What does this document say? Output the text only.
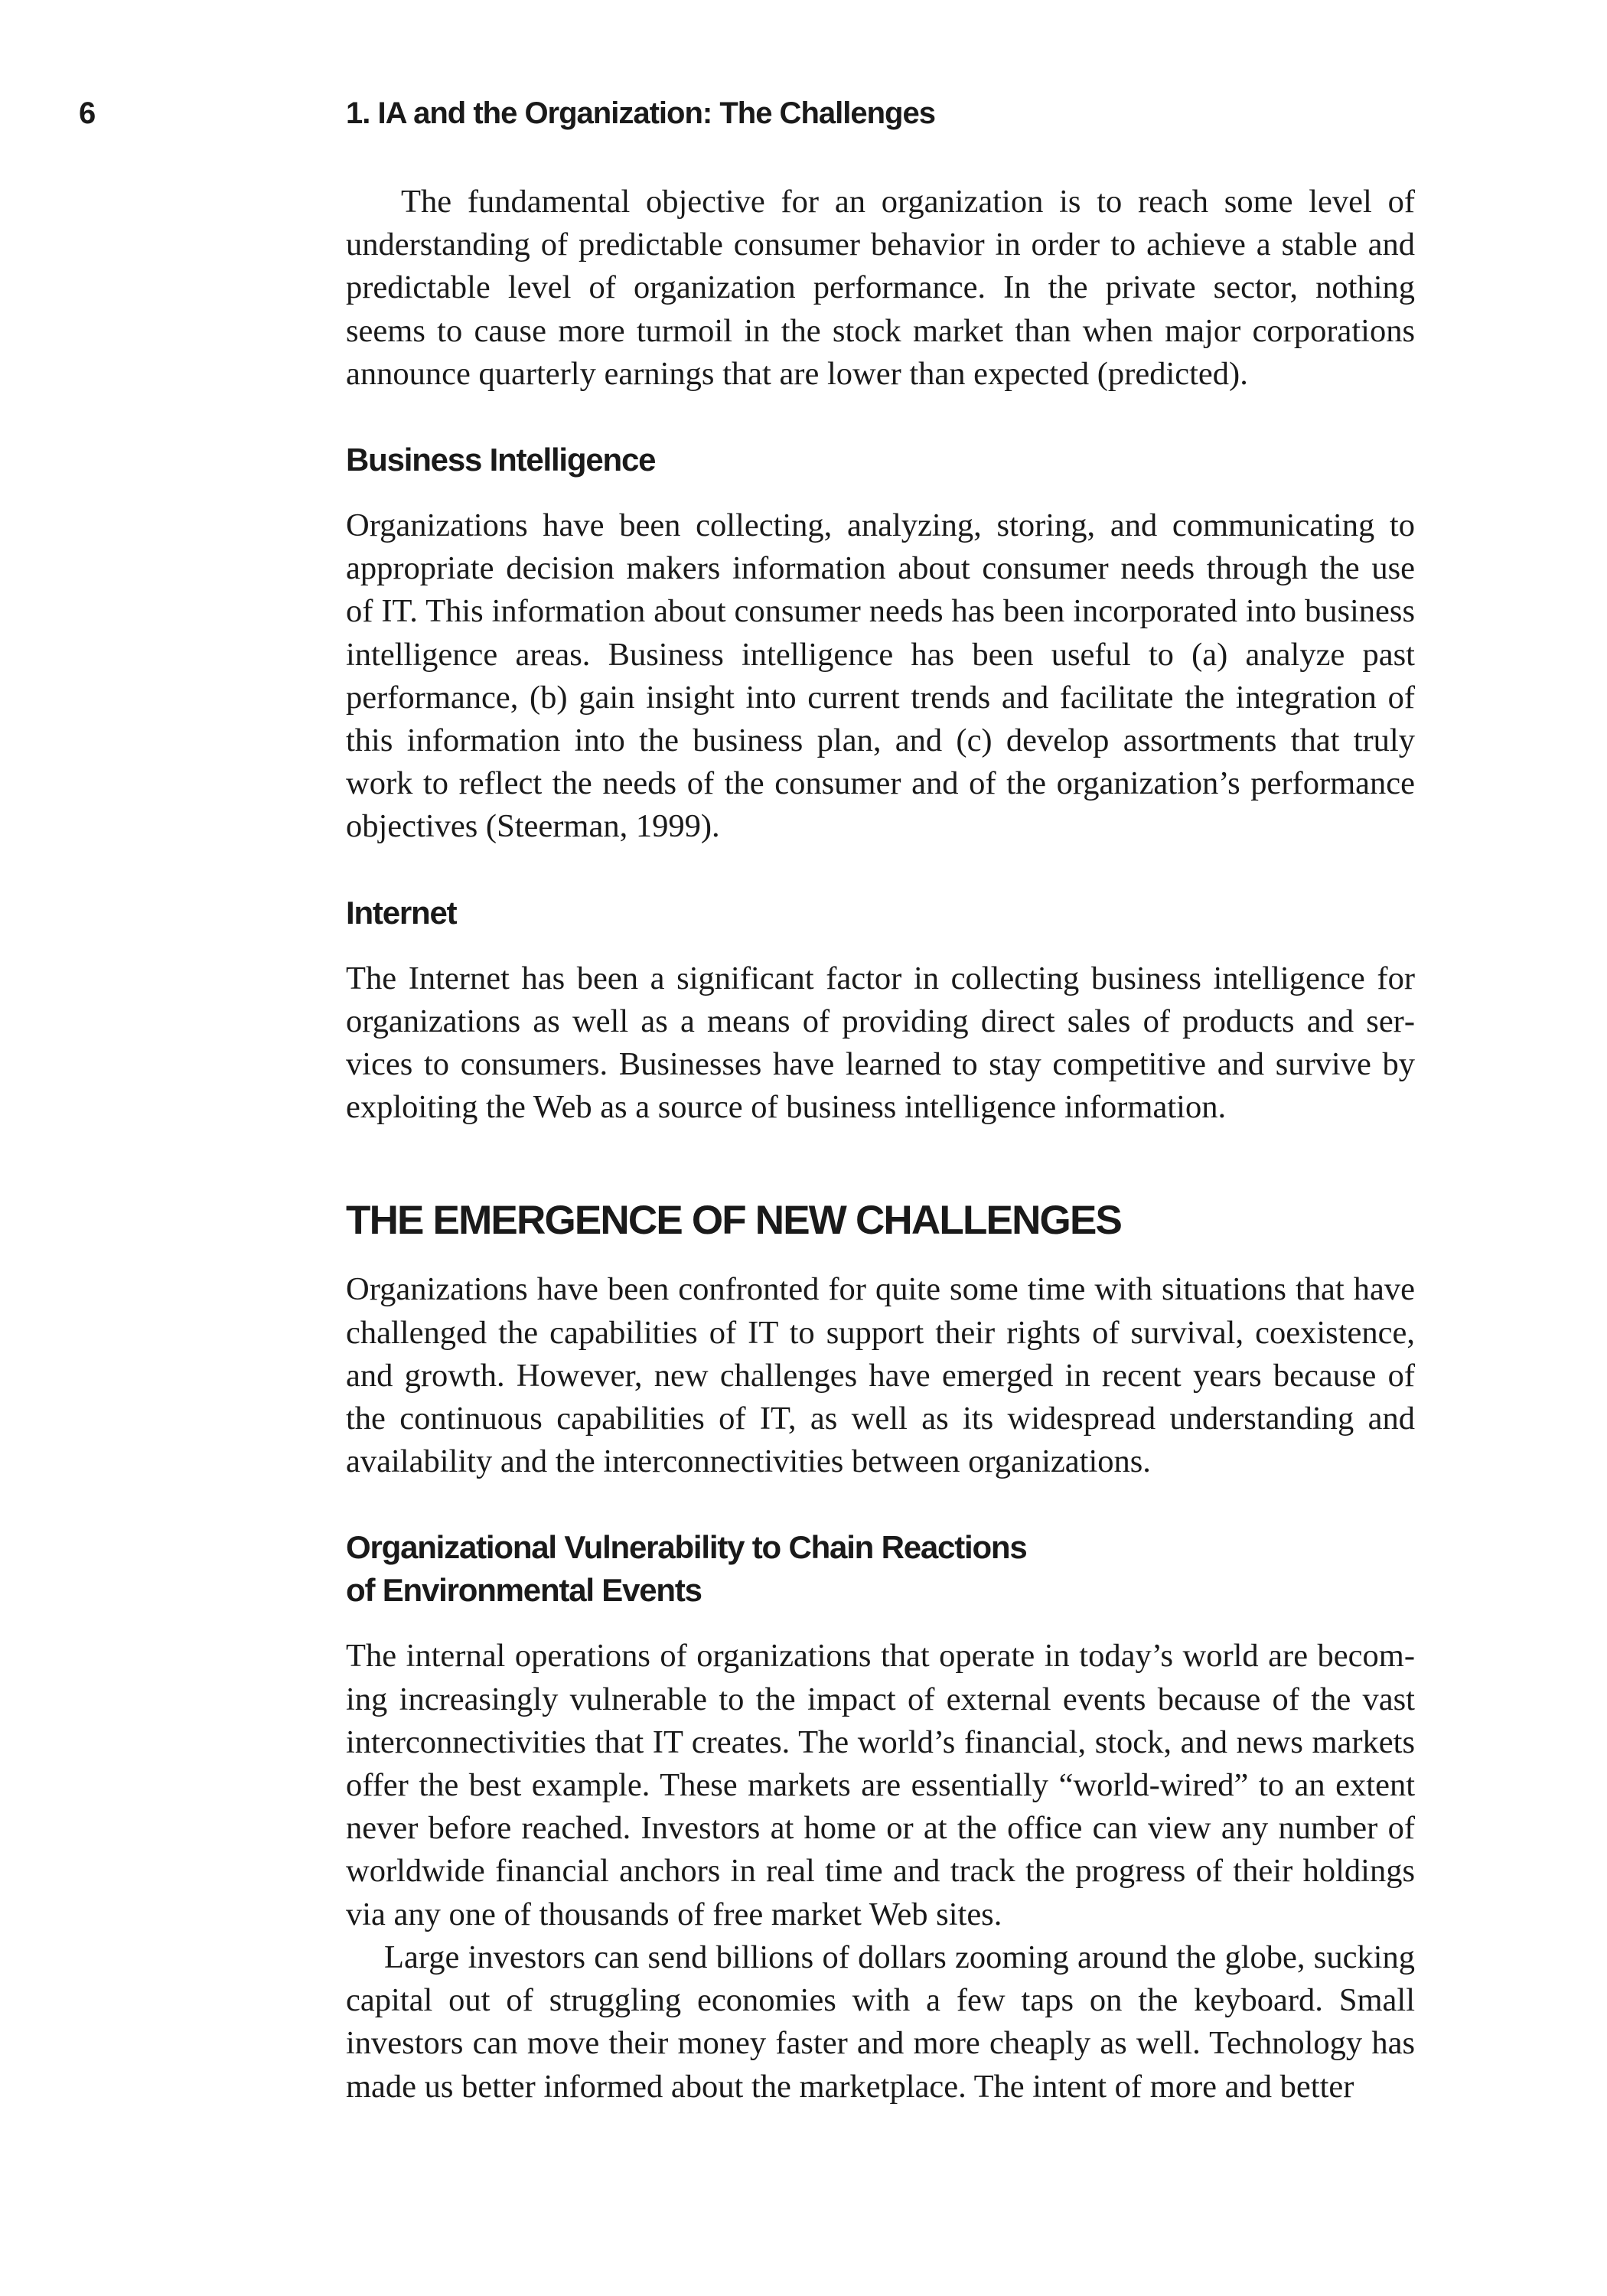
6	1. IA and the Organization: The Challenges

The fundamental objective for an organization is to reach some level of understanding of predictable consumer behavior in order to achieve a stable and predictable level of organization performance. In the private sector, nothing seems to cause more turmoil in the stock market than when major corporations announce quarterly earnings that are lower than expected (predicted).

Business Intelligence

Organizations have been collecting, analyzing, storing, and communicating to appropriate decision makers information about consumer needs through the use of IT. This information about consumer needs has been incorporated into business intelligence areas. Business intelligence has been useful to (a) analyze past performance, (b) gain insight into current trends and facilitate the integration of this information into the business plan, and (c) develop assortments that truly work to reflect the needs of the consumer and of the organization’s performance objectives (Steerman, 1999).

Internet

The Internet has been a significant factor in collecting business intelligence for organizations as well as a means of providing direct sales of products and services to consumers. Businesses have learned to stay competitive and survive by exploiting the Web as a source of business intelligence information.

THE EMERGENCE OF NEW CHALLENGES

Organizations have been confronted for quite some time with situations that have challenged the capabilities of IT to support their rights of survival, coexistence, and growth. However, new challenges have emerged in recent years because of the continuous capabilities of IT, as well as its widespread understanding and availability and the interconnectivities between organizations.

Organizational Vulnerability to Chain Reactions
of Environmental Events

The internal operations of organizations that operate in today’s world are becoming increasingly vulnerable to the impact of external events because of the vast interconnectivities that IT creates. The world’s financial, stock, and news markets offer the best example. These markets are essentially “world-wired” to an extent never before reached. Investors at home or at the office can view any number of worldwide financial anchors in real time and track the progress of their holdings via any one of thousands of free market Web sites.

Large investors can send billions of dollars zooming around the globe, sucking capital out of struggling economies with a few taps on the keyboard. Small investors can move their money faster and more cheaply as well. Technology has made us better informed about the marketplace. The intent of more and better
